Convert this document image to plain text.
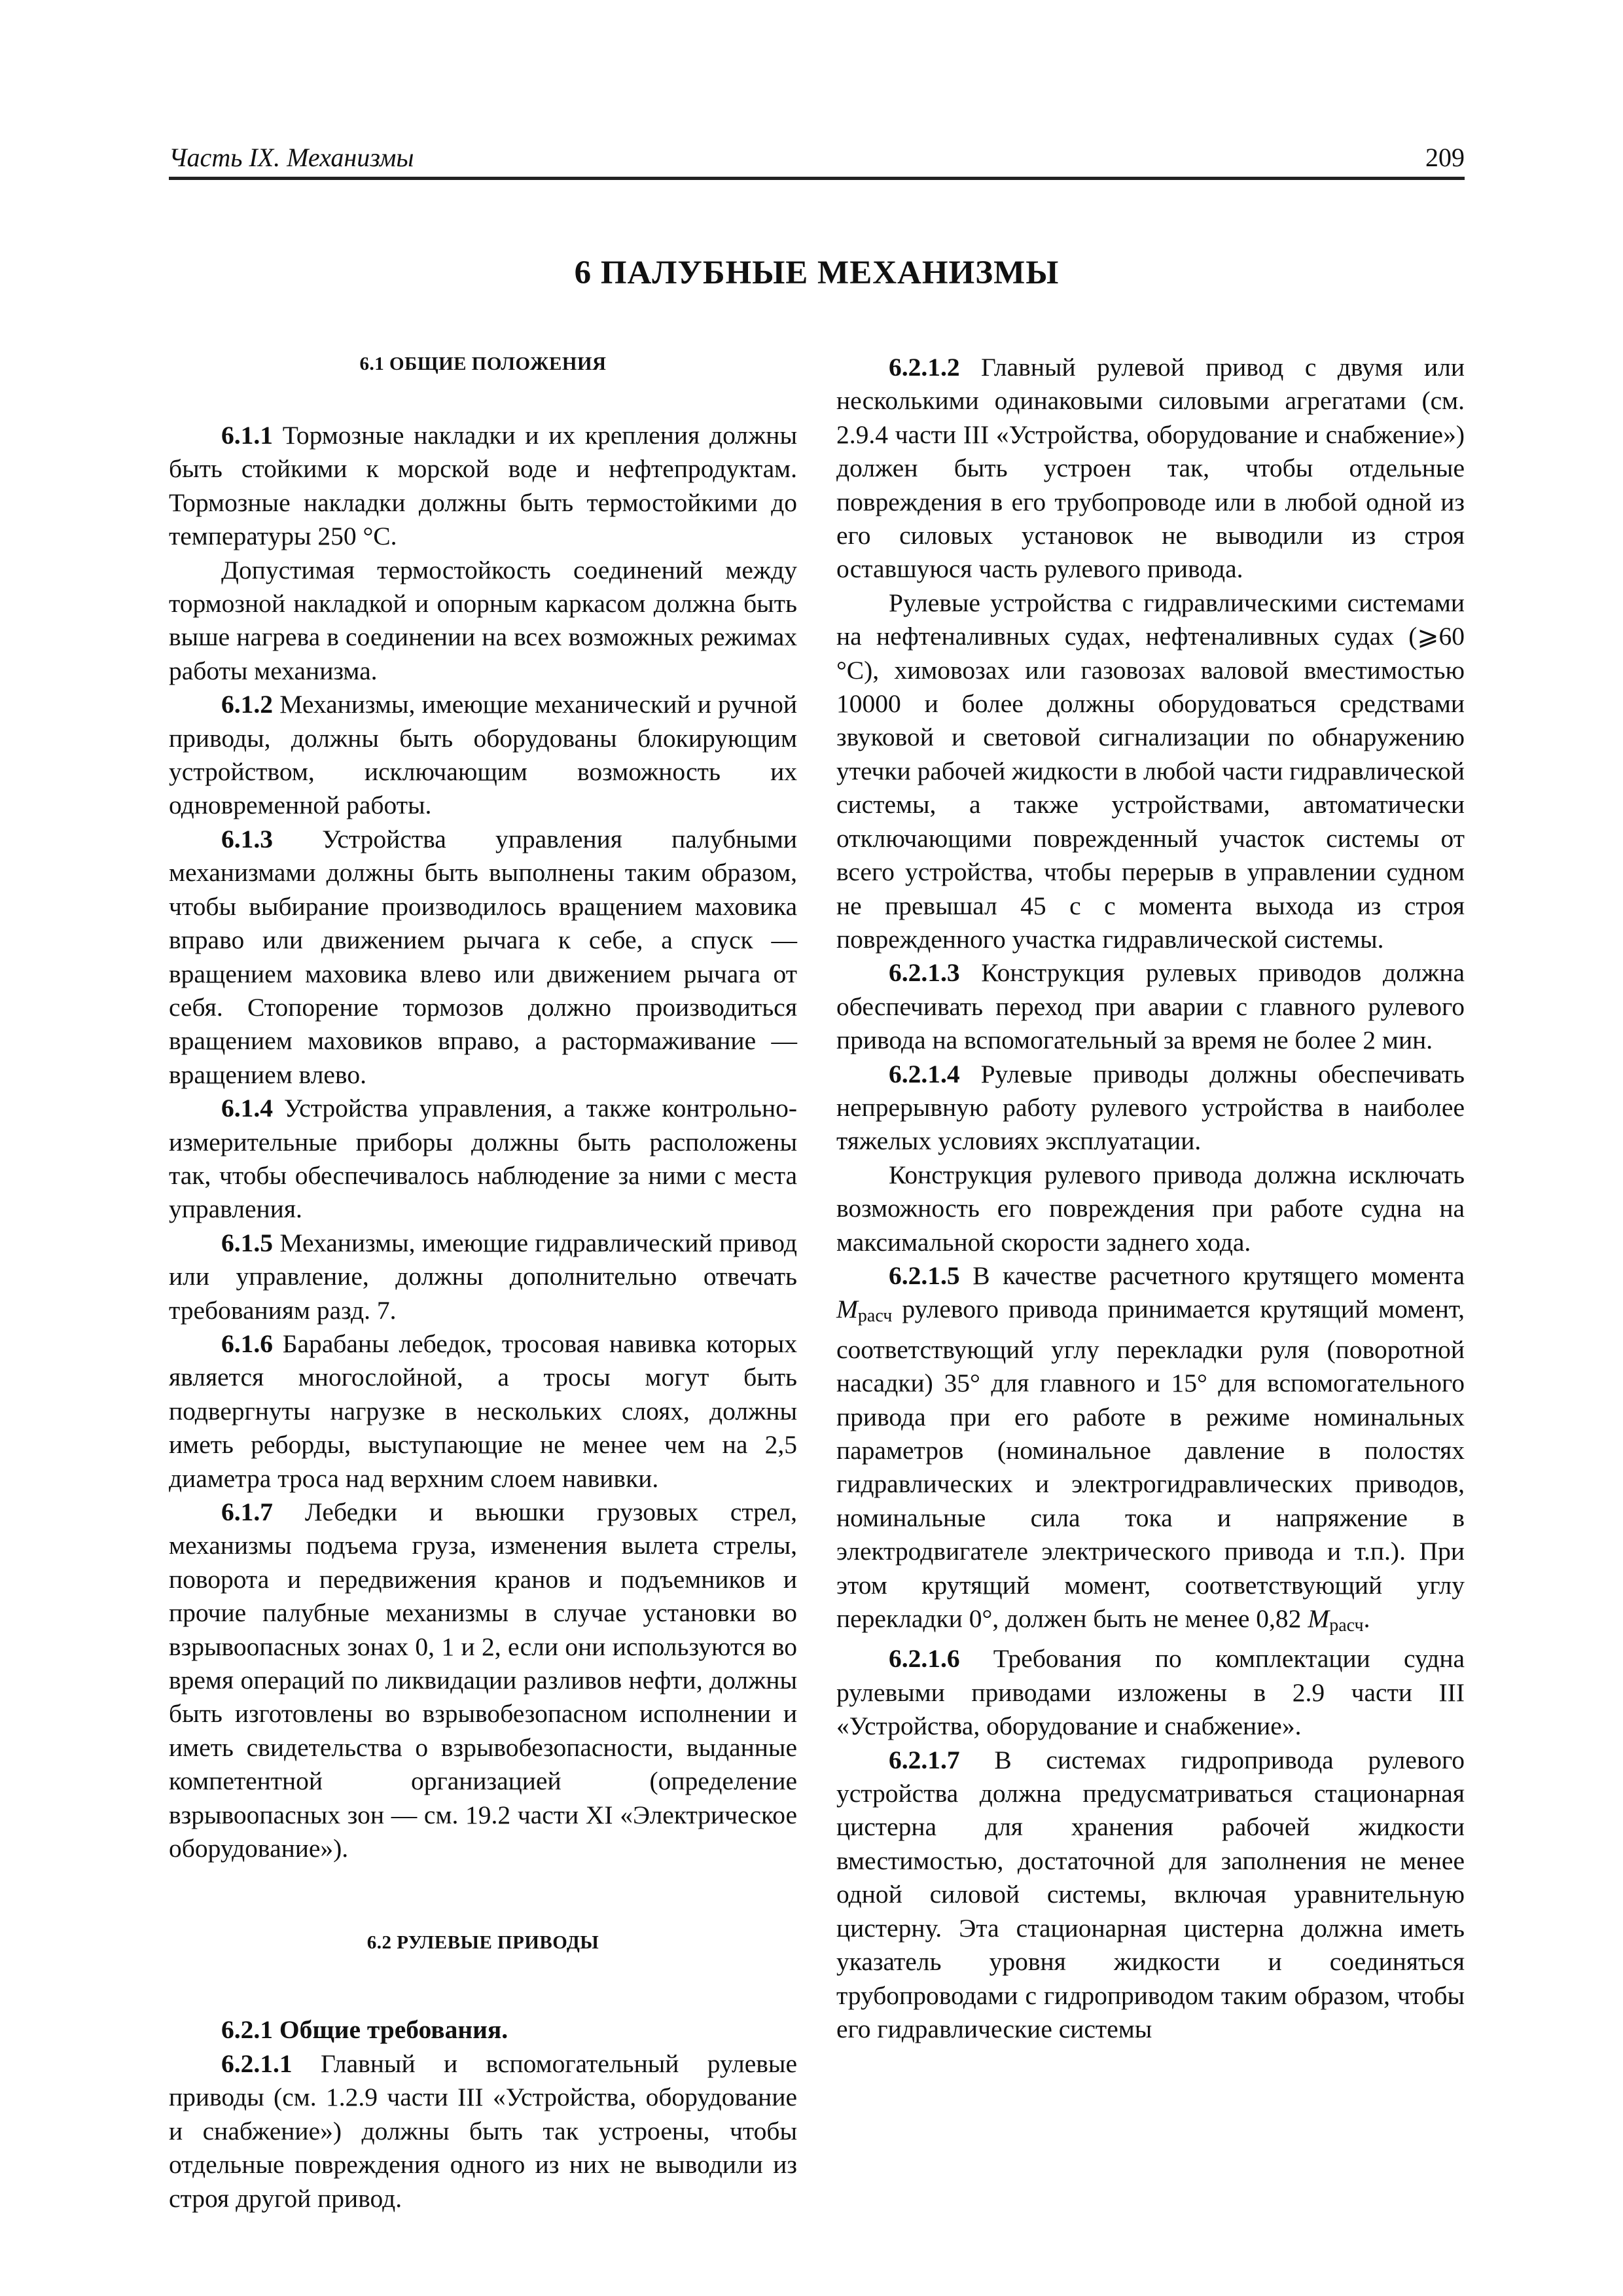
Часть IX. Механизмы	209
6 ПАЛУБНЫЕ МЕХАНИЗМЫ
6.1 ОБЩИЕ ПОЛОЖЕНИЯ

6.1.1 Тормозные накладки и их крепления должны быть стойкими к морской воде и нефтепродуктам. Тормозные накладки должны быть термостойкими до температуры 250 °C.

Допустимая термостойкость соединений между тормозной накладкой и опорным каркасом должна быть выше нагрева в соединении на всех возможных режимах работы механизма.

6.1.2 Механизмы, имеющие механический и ручной приводы, должны быть оборудованы блокирующим устройством, исключающим возможность их одновременной работы.

6.1.3 Устройства управления палубными механизмами должны быть выполнены таким образом, чтобы выбирание производилось вращением маховика вправо или движением рычага к себе, а спуск — вращением маховика влево или движением рычага от себя. Стопорение тормозов должно производиться вращением маховиков вправо, а растормаживание — вращением влево.

6.1.4 Устройства управления, а также контрольно-измерительные приборы должны быть расположены так, чтобы обеспечивалось наблюдение за ними с места управления.

6.1.5 Механизмы, имеющие гидравлический привод или управление, должны дополнительно отвечать требованиям разд. 7.

6.1.6 Барабаны лебедок, тросовая навивка которых является многослойной, а тросы могут быть подвергнуты нагрузке в нескольких слоях, должны иметь реборды, выступающие не менее чем на 2,5 диаметра троса над верхним слоем навивки.

6.1.7 Лебедки и вьюшки грузовых стрел, механизмы подъема груза, изменения вылета стрелы, поворота и передвижения кранов и подъемников и прочие палубные механизмы в случае установки во взрывоопасных зонах 0, 1 и 2, если они используются во время операций по ликвидации разливов нефти, должны быть изготовлены во взрывобезопасном исполнении и иметь свидетельства о взрывобезопасности, выданные компетентной организацией (определение взрывоопасных зон — см. 19.2 части XI «Электрическое оборудование»).

6.2 РУЛЕВЫЕ ПРИВОДЫ

6.2.1 Общие требования.

6.2.1.1 Главный и вспомогательный рулевые приводы (см. 1.2.9 части III «Устройства, оборудование и снабжение») должны быть так устроены, чтобы отдельные повреждения одного из них не выводили из строя другой привод.

6.2.1.2 Главный рулевой привод с двумя или несколькими одинаковыми силовыми агрегатами (см. 2.9.4 части III «Устройства, оборудование и снабжение») должен быть устроен так, чтобы отдельные повреждения в его трубопроводе или в любой одной из его силовых установок не выводили из строя оставшуюся часть рулевого привода.

Рулевые устройства с гидравлическими системами на нефтеналивных судах, нефтеналивных судах (⩾60 °C), химовозах или газовозах валовой вместимостью 10000 и более должны оборудоваться средствами звуковой и световой сигнализации по обнаружению утечки рабочей жидкости в любой части гидравлической системы, а также устройствами, автоматически отключающими поврежденный участок системы от всего устройства, чтобы перерыв в управлении судном не превышал 45 с с момента выхода из строя поврежденного участка гидравлической системы.

6.2.1.3 Конструкция рулевых приводов должна обеспечивать переход при аварии с главного рулевого привода на вспомогательный за время не более 2 мин.

6.2.1.4 Рулевые приводы должны обеспечивать непрерывную работу рулевого устройства в наиболее тяжелых условиях эксплуатации.

Конструкция рулевого привода должна исключать возможность его повреждения при работе судна на максимальной скорости заднего хода.

6.2.1.5 В качестве расчетного крутящего момента $M_{расч}$ рулевого привода принимается крутящий момент, соответствующий углу перекладки руля (поворотной насадки) 35° для главного и 15° для вспомогательного привода при его работе в режиме номинальных параметров (номинальное давление в полостях гидравлических и электрогидравлических приводов, номинальные сила тока и напряжение в электродвигателе электрического привода и т.п.). При этом крутящий момент, соответствующий углу перекладки 0°, должен быть не менее 0,82 $M_{расч}$.

6.2.1.6 Требования по комплектации судна рулевыми приводами изложены в 2.9 части III «Устройства, оборудование и снабжение».

6.2.1.7 В системах гидропривода рулевого устройства должна предусматриваться стационарная цистерна для хранения рабочей жидкости вместимостью, достаточной для заполнения не менее одной силовой системы, включая уравнительную цистерну. Эта стационарная цистерна должна иметь указатель уровня жидкости и соединяться трубопроводами с гидроприводом таким образом, чтобы его гидравлические системы
